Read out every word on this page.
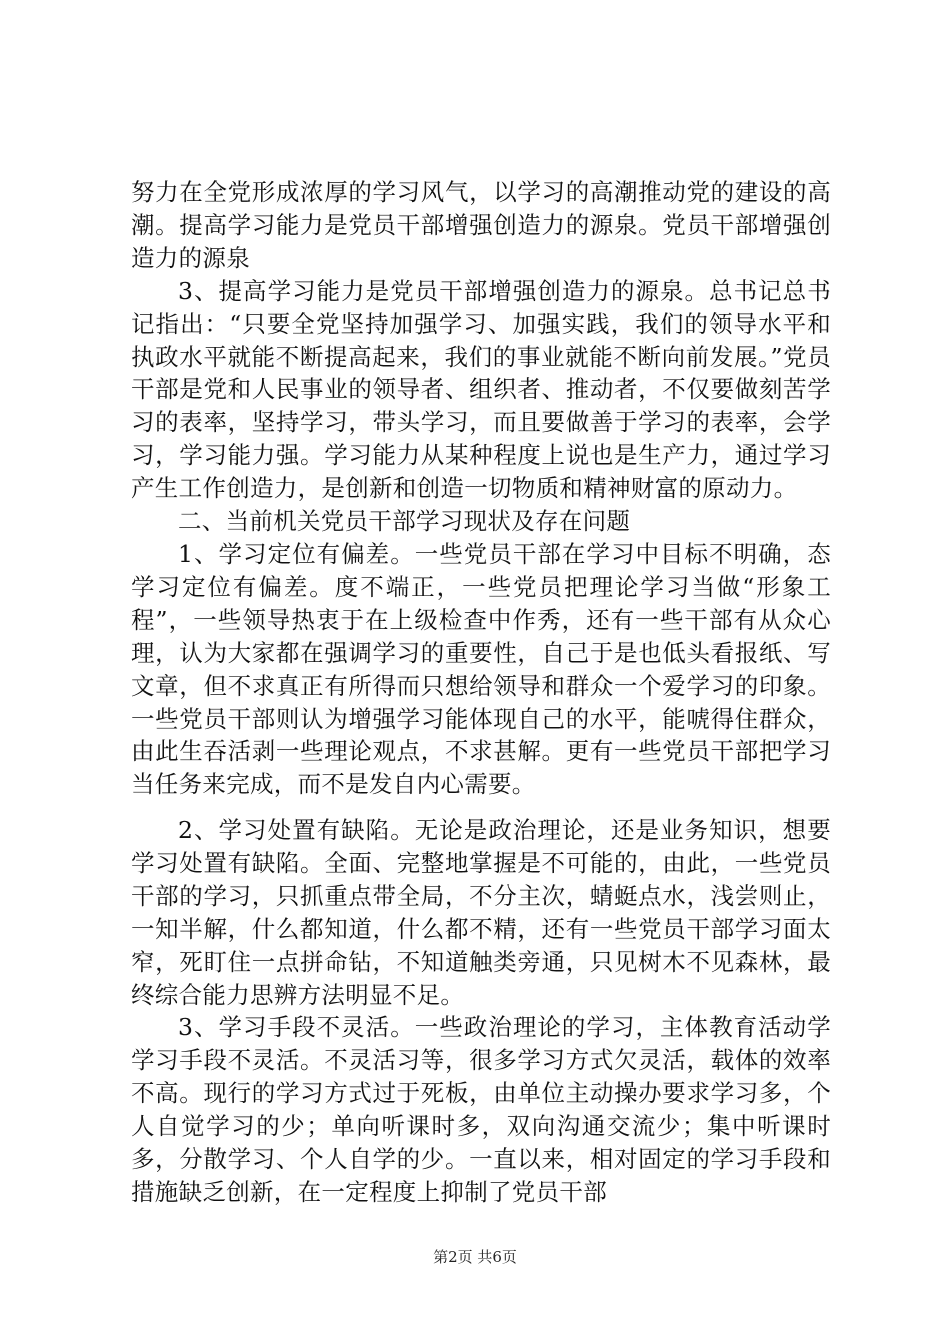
努力在全党形成浓厚的学习风气，以学习的高潮推动党的建设的高潮。提高学习能力是党员干部增强创造力的源泉。党员干部增强创造力的源泉

3、提高学习能力是党员干部增强创造力的源泉。总书记总书记指出：“只要全党坚持加强学习、加强实践，我们的领导水平和执政水平就能不断提高起来，我们的事业就能不断向前发展。”党员干部是党和人民事业的领导者、组织者、推动者，不仅要做刻苦学习的表率，坚持学习，带头学习，而且要做善于学习的表率，会学习，学习能力强。学习能力从某种程度上说也是生产力，通过学习产生工作创造力，是创新和创造一切物质和精神财富的原动力。

二、当前机关党员干部学习现状及存在问题

1、学习定位有偏差。一些党员干部在学习中目标不明确，态学习定位有偏差。度不端正，一些党员把理论学习当做“形象工程”，一些领导热衷于在上级检查中作秀，还有一些干部有从众心理，认为大家都在强调学习的重要性，自己于是也低头看报纸、写文章，但不求真正有所得而只想给领导和群众一个爱学习的印象。一些党员干部则认为增强学习能体现自己的水平，能唬得住群众，由此生吞活剥一些理论观点，不求甚解。更有一些党员干部把学习当任务来完成，而不是发自内心需要。

2、学习处置有缺陷。无论是政治理论，还是业务知识，想要学习处置有缺陷。全面、完整地掌握是不可能的，由此，一些党员干部的学习，只抓重点带全局，不分主次，蜻蜓点水，浅尝则止，一知半解，什么都知道，什么都不精，还有一些党员干部学习面太窄，死盯住一点拼命钻，不知道触类旁通，只见树木不见森林，最终综合能力思辨方法明显不足。

3、学习手段不灵活。一些政治理论的学习，主体教育活动学学习手段不灵活。不灵活习等，很多学习方式欠灵活，载体的效率不高。现行的学习方式过于死板，由单位主动操办要求学习多，个人自觉学习的少；单向听课时多，双向沟通交流少；集中听课时多，分散学习、个人自学的少。一直以来，相对固定的学习手段和措施缺乏创新，在一定程度上抑制了党员干部

第2页 共6页
